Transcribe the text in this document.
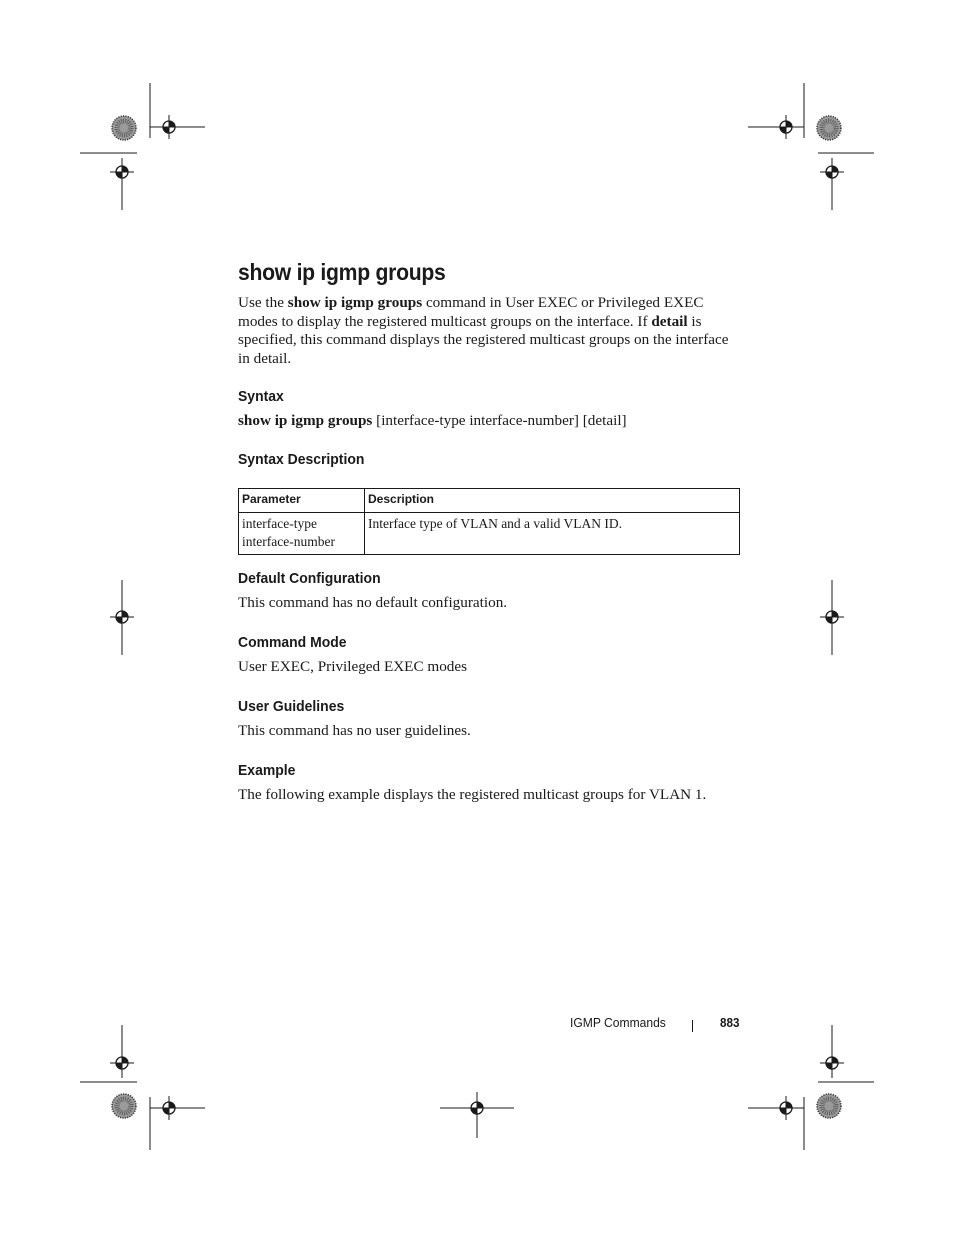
show ip igmp groups

Use the show ip igmp groups command in User EXEC or Privileged EXEC modes to display the registered multicast groups on the interface. If detail is specified, this command displays the registered multicast groups on the interface in detail.

Syntax

show ip igmp groups [interface-type interface-number] [detail]

Syntax Description
Parameter	Description
interface-type
interface-number	Interface type of VLAN and a valid VLAN ID.
Default Configuration

This command has no default configuration.

Command Mode

User EXEC, Privileged EXEC modes

User Guidelines

This command has no user guidelines.

Example

The following example displays the registered multicast groups for VLAN 1.

IGMP Commands	883
